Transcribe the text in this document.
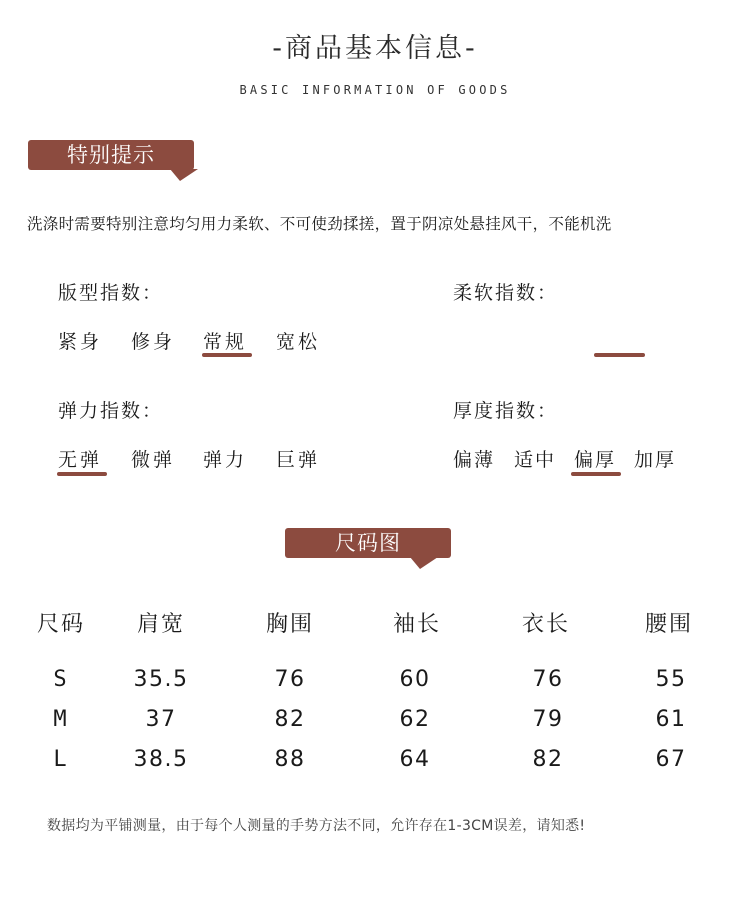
-商品基本信息-
BASIC INFORMATION OF GOODS
特别提示
洗涤时需要特别注意均匀用力柔软、不可使劲揉搓，置于阴凉处悬挂风干，不能机洗
版型指数：
紧身 修身 常规 宽松
柔软指数：
弹力指数：
无弹 微弹 弹力 巨弹
厚度指数：
偏薄 适中 偏厚 加厚
尺码图
尺码	肩宽	胸围	袖长	衣长	腰围
S	35.5	76	60	76	55
M	37	82	62	79	61
L	38.5	88	64	82	67
数据均为平铺测量，由于每个人测量的手势方法不同，允许存在1-3CM误差，请知悉!
